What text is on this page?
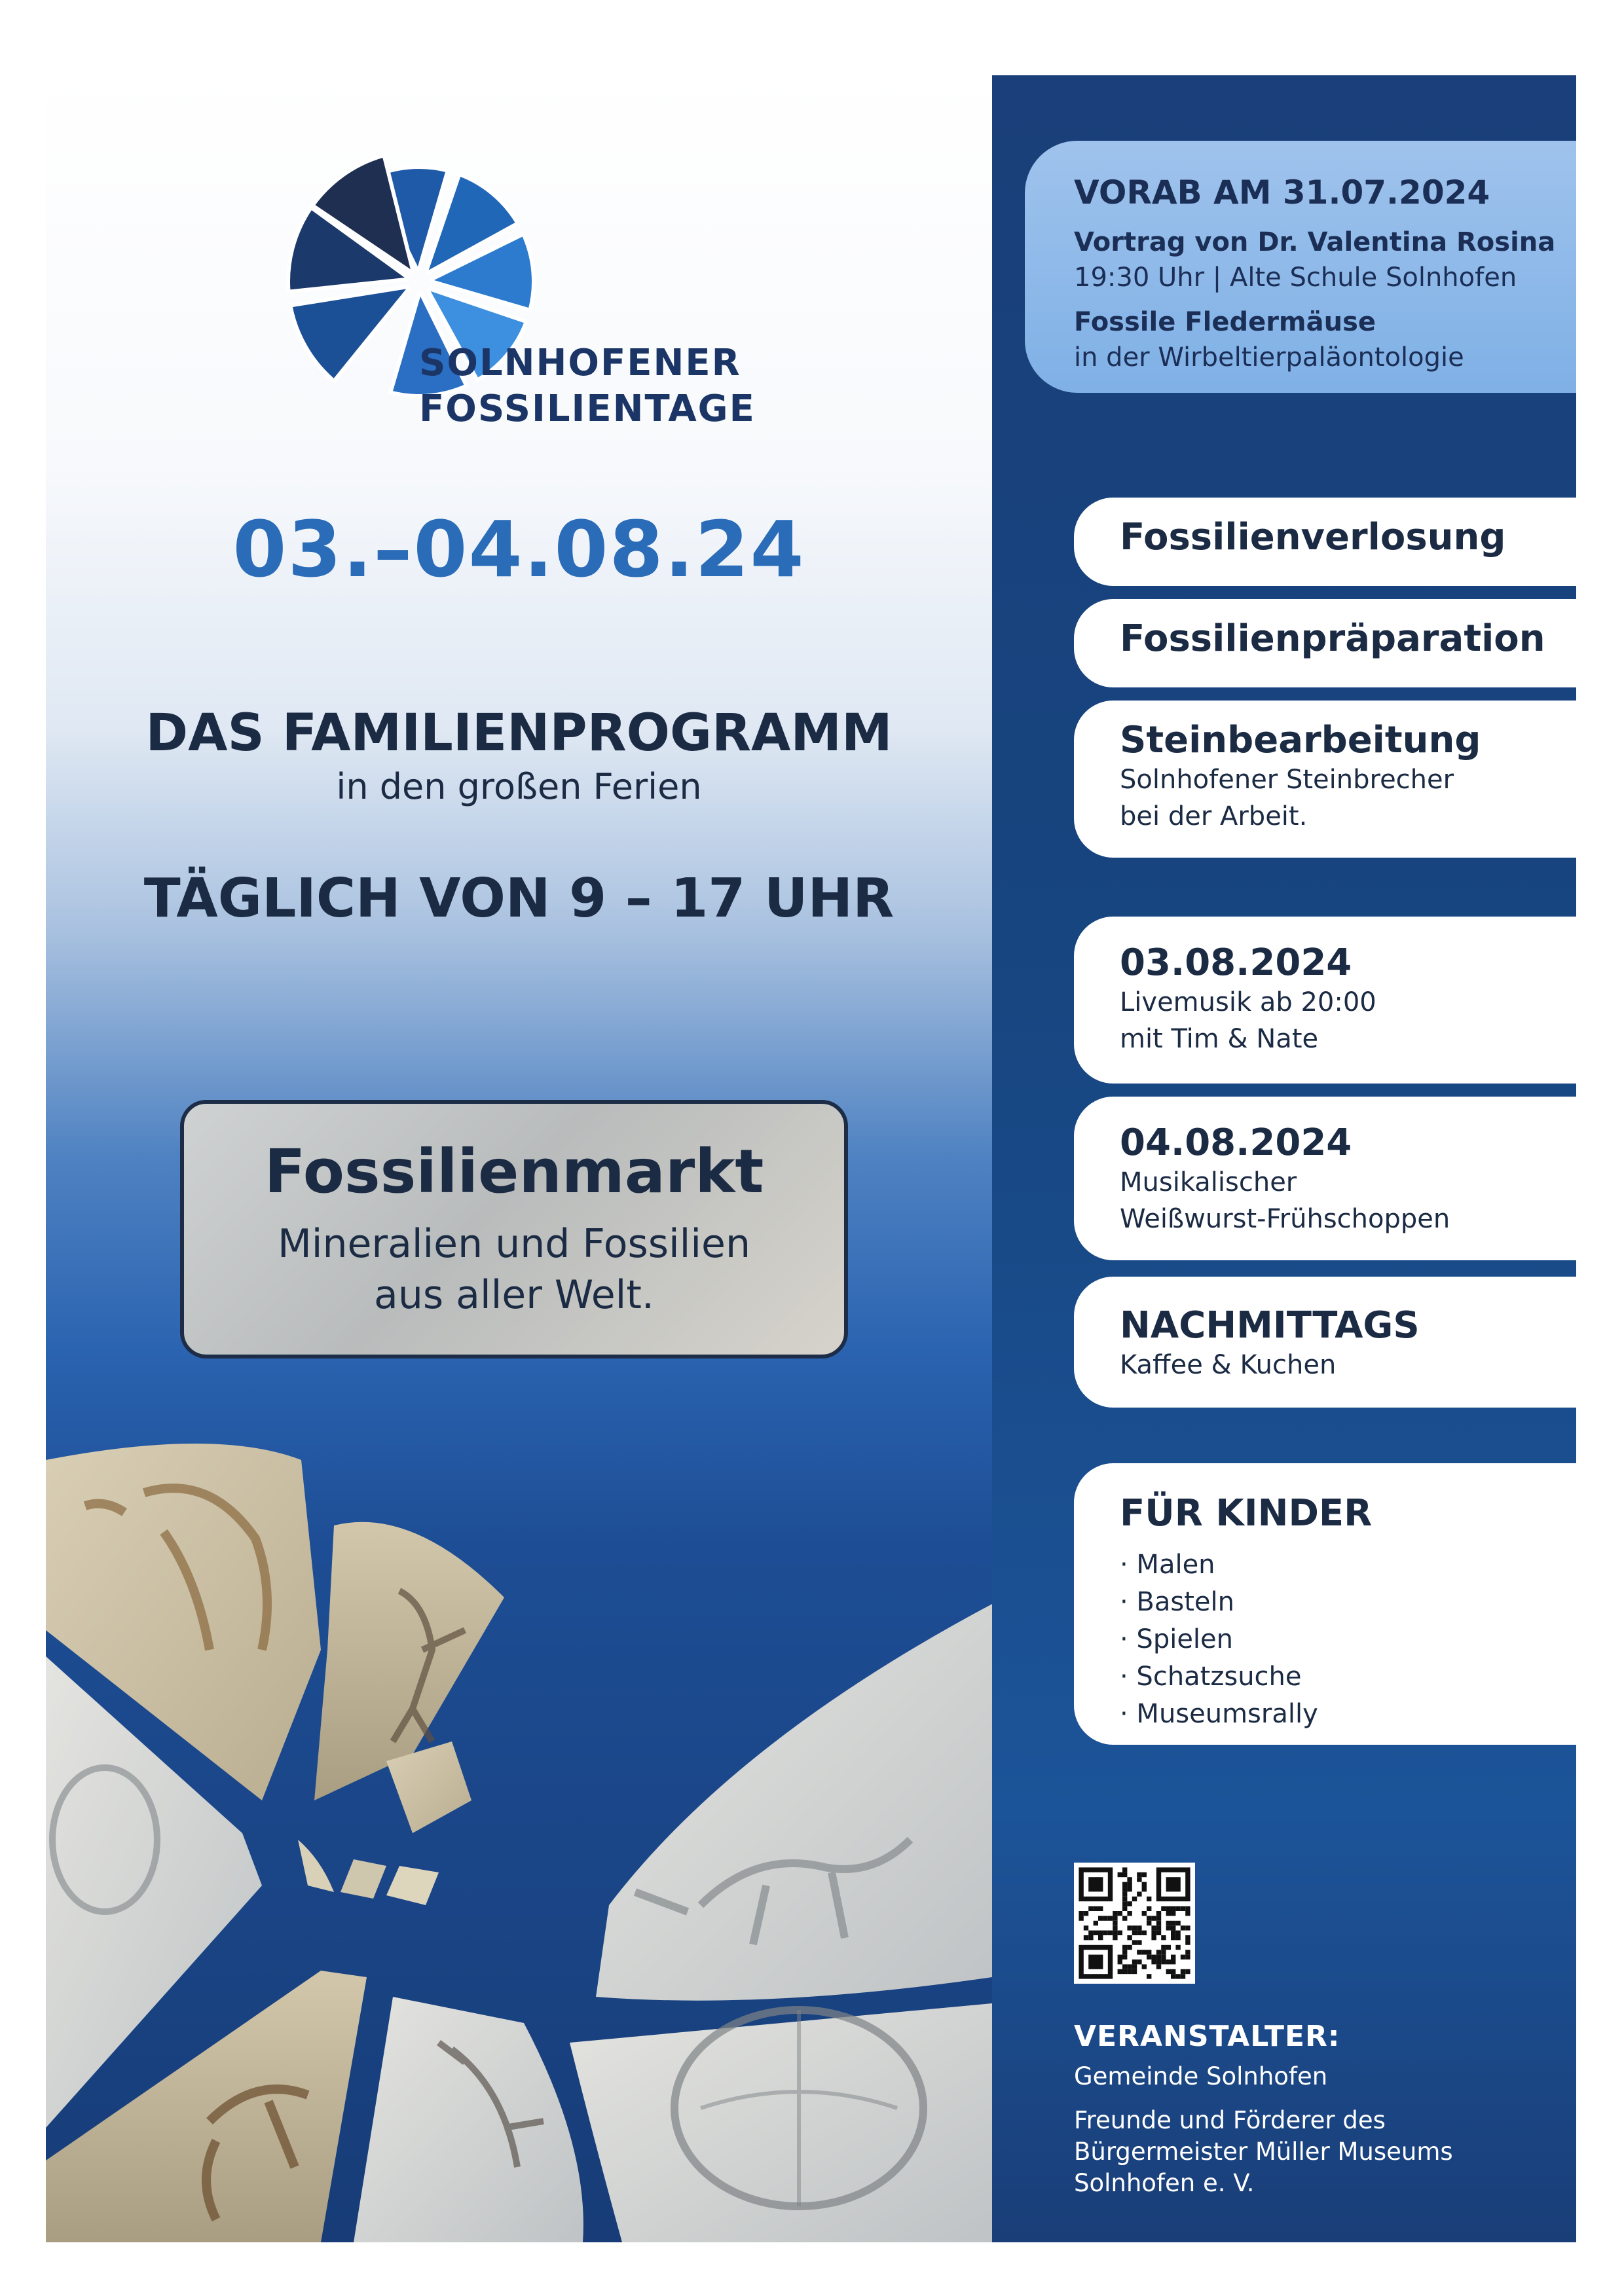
SOLNHOFENER
FOSSILIENTAGE

03.–04.08.24
DAS FAMILIENPROGRAMM

in den großen Ferien

TÄGLICH VON 9 – 17 UHR

Fossilienmarkt

Mineralien und Fossilien
aus aller Welt.

VORAB AM 31.07.2024

Vortrag von Dr. Valentina Rosina

19:30 Uhr | Alte Schule Solnhofen

Fossile Fledermäuse

in der Wirbeltierpaläontologie

Fossilienverlosung

Fossilienpräparation

Steinbearbeitung

Solnhofener Steinbrecher

bei der Arbeit.

03.08.2024

Livemusik ab 20:00

mit Tim & Nate

04.08.2024

Musikalischer

Weißwurst-Frühschoppen

NACHMITTAGS

Kaffee & Kuchen

FÜR KINDER

· Malen
· Basteln
· Spielen
· Schatzsuche
· Museumsrally

VERANSTALTER:

Gemeinde Solnhofen

Freunde und Förderer des Bürgermeister Müller Museums Solnhofen e. V.
